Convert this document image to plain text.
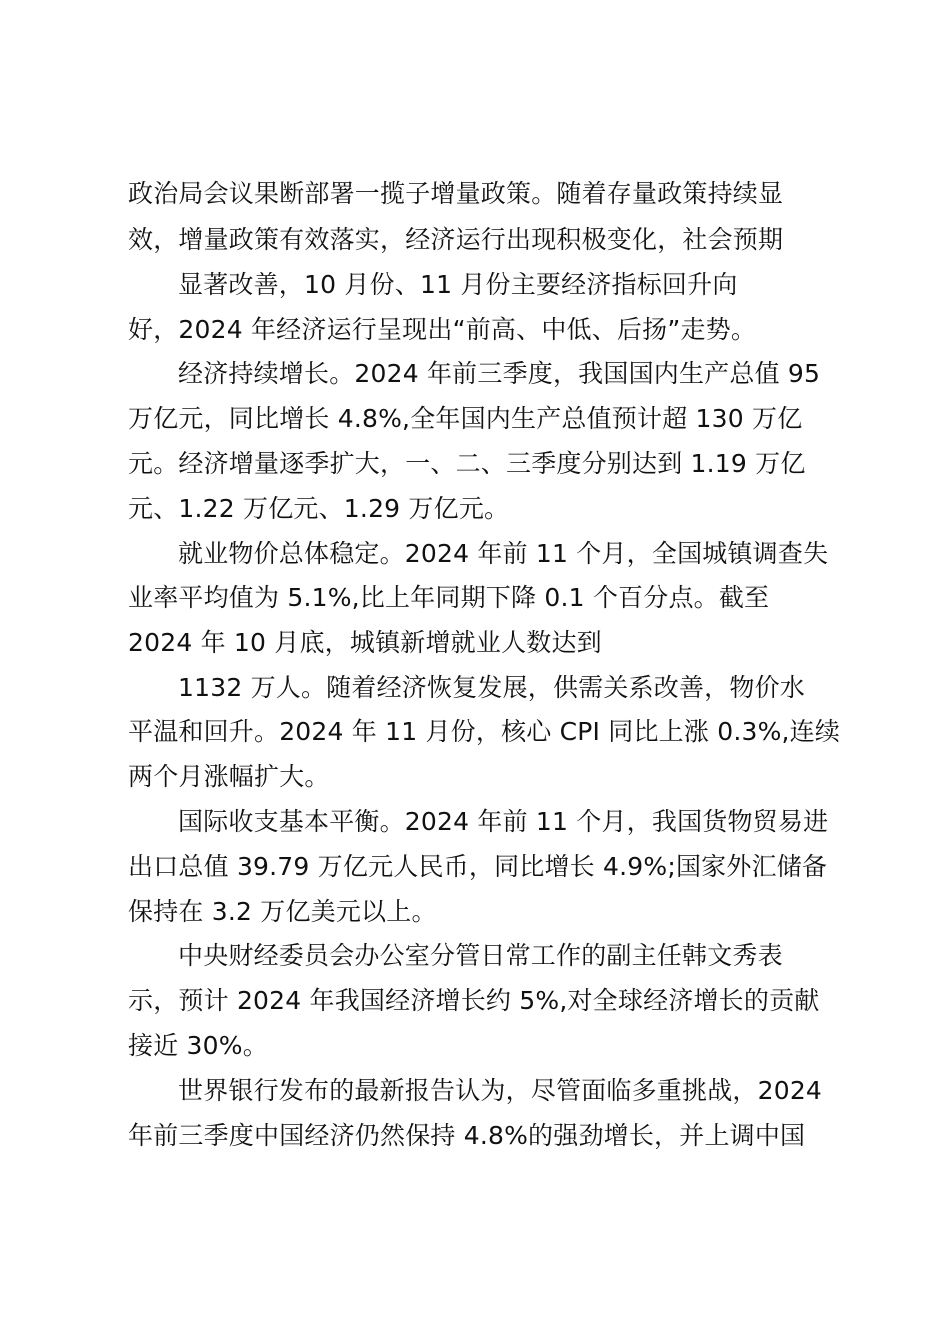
政治局会议果断部署一揽子增量政策。随着存量政策持续显
效，增量政策有效落实，经济运行出现积极变化，社会预期
显著改善，10 月份、11 月份主要经济指标回升向
好，2024 年经济运行呈现出“前高、中低、后扬”走势。
经济持续增长。2024 年前三季度，我国国内生产总值 95
万亿元，同比增长 4.8%,全年国内生产总值预计超 130 万亿
元。经济增量逐季扩大，一、二、三季度分别达到 1.19 万亿
元、1.22 万亿元、1.29 万亿元。
就业物价总体稳定。2024 年前 11 个月，全国城镇调查失
业率平均值为 5.1%,比上年同期下降 0.1 个百分点。截至
2024 年 10 月底，城镇新增就业人数达到
1132 万人。随着经济恢复发展，供需关系改善，物价水
平温和回升。2024 年 11 月份，核心 CPI 同比上涨 0.3%,连续
两个月涨幅扩大。
国际收支基本平衡。2024 年前 11 个月，我国货物贸易进
出口总值 39.79 万亿元人民币，同比增长 4.9%;国家外汇储备
保持在 3.2 万亿美元以上。
中央财经委员会办公室分管日常工作的副主任韩文秀表
示，预计 2024 年我国经济增长约 5%,对全球经济增长的贡献
接近 30%。
世界银行发布的最新报告认为，尽管面临多重挑战，2024
年前三季度中国经济仍然保持 4.8%的强劲增长，并上调中国
